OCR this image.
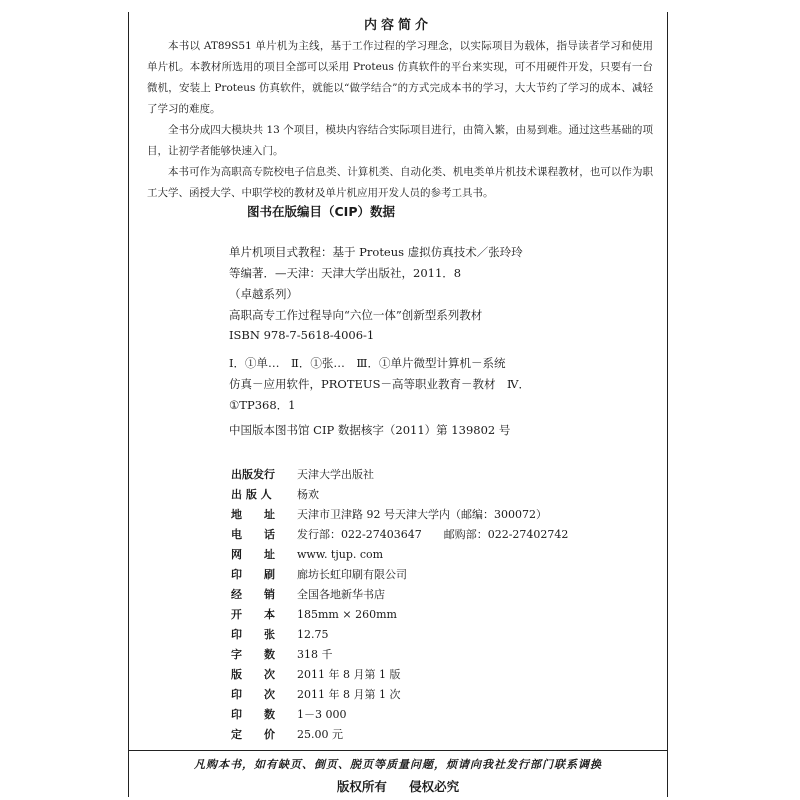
内容简介

本书以 AT89S51 单片机为主线，基于工作过程的学习理念，以实际项目为载体，指导读者学习和使用单片机。本教材所选用的项目全部可以采用 Proteus 仿真软件的平台来实现，可不用硬件开发，只要有一台微机，安装上 Proteus 仿真软件，就能以“做学结合”的方式完成本书的学习，大大节约了学习的成本、减轻了学习的难度。

全书分成四大模块共 13 个项目，模块内容结合实际项目进行，由简入繁，由易到难。通过这些基础的项目，让初学者能够快速入门。

本书可作为高职高专院校电子信息类、计算机类、自动化类、机电类单片机技术课程教材，也可以作为职工大学、函授大学、中职学校的教材及单片机应用开发人员的参考工具书。

图书在版编目（CIP）数据
单片机项目式教程：基于 Proteus 虚拟仿真技术／张玲玲
等编著．—天津：天津大学出版社，2011．8
（卓越系列）
高职高专工作过程导向“六位一体”创新型系列教材
ISBN 978-7-5618-4006-1
Ⅰ．①单…　Ⅱ．①张…　Ⅲ．①单片微型计算机－系统
仿真－应用软件，PROTEUS－高等职业教育－教材　Ⅳ．
①TP368．1
中国版本图书馆 CIP 数据核字（2011）第 139802 号
出版发行	天津大学出版社
出 版 人	杨欢
地　　址	天津市卫津路 92 号天津大学内（邮编：300072）
电　　话	发行部：022-27403647　　邮购部：022-27402742
网　　址	www. tjup. com
印　　刷	廊坊长虹印刷有限公司
经　　销	全国各地新华书店
开　　本	185mm × 260mm
印　　张	12.75
字　　数	318 千
版　　次	2011 年 8 月第 1 版
印　　次	2011 年 8 月第 1 次
印　　数	1－3 000
定　　价	25.00 元
凡购本书，如有缺页、倒页、脱页等质量问题，烦请向我社发行部门联系调换
版权所有 侵权必究
